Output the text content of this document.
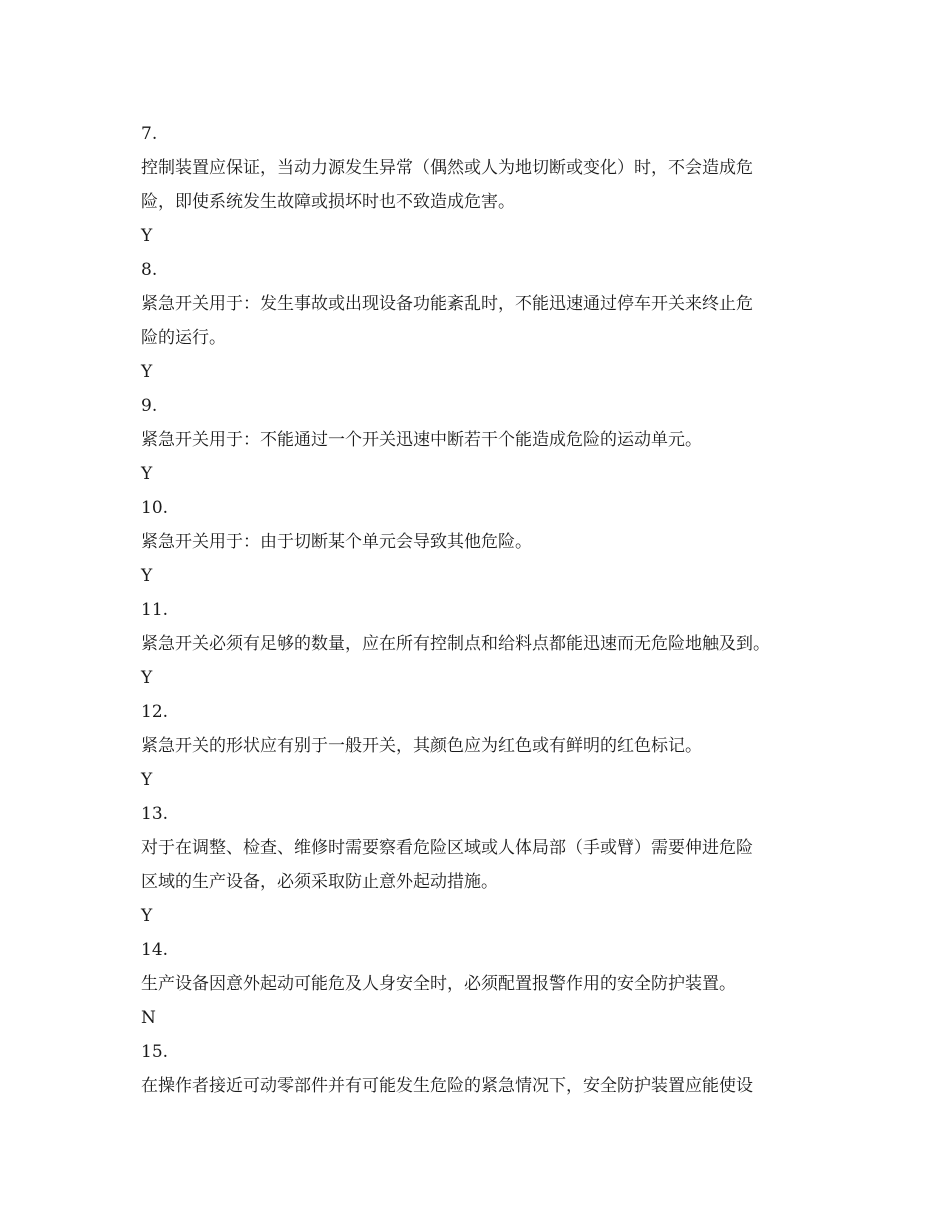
7.
控制装置应保证，当动力源发生异常（偶然或人为地切断或变化）时，不会造成危
险，即使系统发生故障或损坏时也不致造成危害。
Y
8.
紧急开关用于：发生事故或出现设备功能紊乱时，不能迅速通过停车开关来终止危
险的运行。
Y
9.
紧急开关用于：不能通过一个开关迅速中断若干个能造成危险的运动单元。
Y
10.
紧急开关用于：由于切断某个单元会导致其他危险。
Y
11.
紧急开关必须有足够的数量，应在所有控制点和给料点都能迅速而无危险地触及到。
Y
12.
紧急开关的形状应有别于一般开关，其颜色应为红色或有鲜明的红色标记。
Y
13.
对于在调整、检查、维修时需要察看危险区域或人体局部（手或臂）需要伸进危险
区域的生产设备，必须采取防止意外起动措施。
Y
14.
生产设备因意外起动可能危及人身安全时，必须配置报警作用的安全防护装置。
N
15.
在操作者接近可动零部件并有可能发生危险的紧急情况下，安全防护装置应能使设
